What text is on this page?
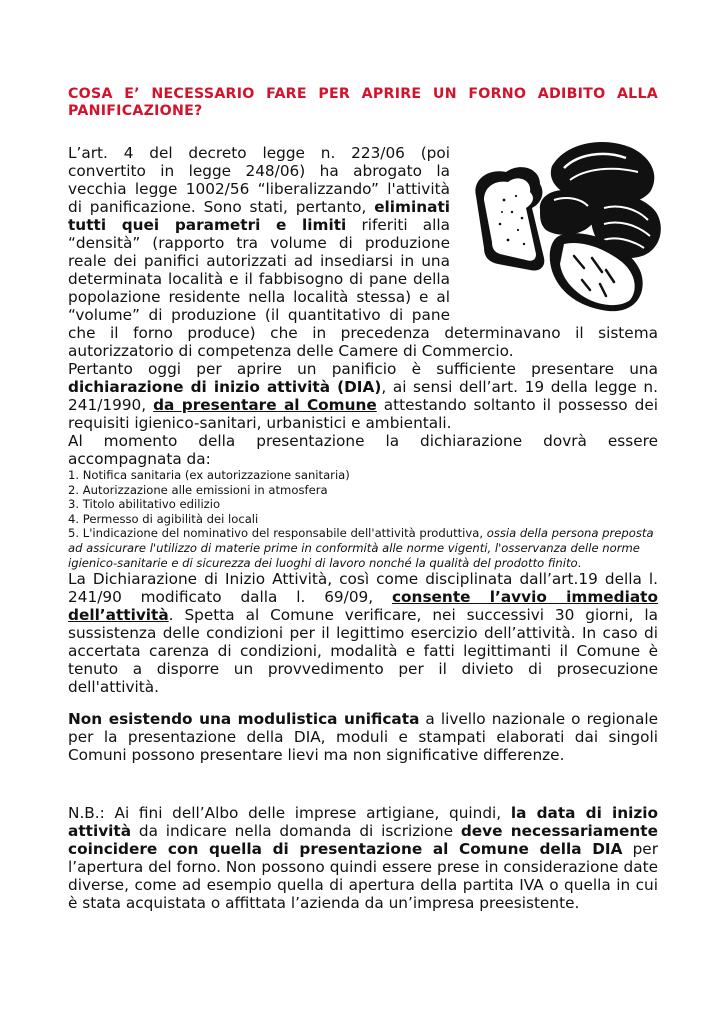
COSA E’ NECESSARIO FARE PER APRIRE UN FORNO ADIBITO ALLA PANIFICAZIONE?

L’art. 4 del decreto legge n. 223/06 (poi convertito in legge 248/06) ha abrogato la vecchia legge 1002/56 “liberalizzando” l'attività di panificazione. Sono stati, pertanto, eliminati tutti quei parametri e limiti riferiti alla “densità” (rapporto tra volume di produzione reale dei panifici autorizzati ad insediarsi in una determinata località e il fabbisogno di pane della popolazione residente nella località stessa) e al “volume” di produzione (il quantitativo di pane che il forno produce) che in precedenza determinavano il sistema autorizzatorio di competenza delle Camere di Commercio.

Pertanto oggi per aprire un panificio è sufficiente presentare una dichiarazione di inizio attività (DIA), ai sensi dell’art. 19 della legge n. 241/1990, da presentare al Comune attestando soltanto il possesso dei requisiti igienico-sanitari, urbanistici e ambientali.

Al momento della presentazione la dichiarazione dovrà essere accompagnata da:

1. Notifica sanitaria (ex autorizzazione sanitaria)

2. Autorizzazione alle emissioni in atmosfera

3. Titolo abilitativo edilizio

4. Permesso di agibilità dei locali

5. L'indicazione del nominativo del responsabile dell'attività produttiva, ossia della persona preposta ad assicurare l'utilizzo di materie prime in conformità alle norme vigenti, l'osservanza delle norme igienico-sanitarie e di sicurezza dei luoghi di lavoro nonché la qualità del prodotto finito.

La Dichiarazione di Inizio Attività, così come disciplinata dall’art.19 della l. 241/90 modificato dalla l. 69/09, consente l’avvio immediato dell’attività. Spetta al Comune verificare, nei successivi 30 giorni, la sussistenza delle condizioni per il legittimo esercizio dell’attività. In caso di accertata carenza di condizioni, modalità e fatti legittimanti il Comune è tenuto a disporre un provvedimento per il divieto di prosecuzione dell'attività.

Non esistendo una modulistica unificata a livello nazionale o regionale per la presentazione della DIA, moduli e stampati elaborati dai singoli Comuni possono presentare lievi ma non significative differenze.

N.B.: Ai fini dell’Albo delle imprese artigiane, quindi, la data di inizio attività da indicare nella domanda di iscrizione deve necessariamente coincidere con quella di presentazione al Comune della DIA per l’apertura del forno. Non possono quindi essere prese in considerazione date diverse, come ad esempio quella di apertura della partita IVA o quella in cui è stata acquistata o affittata l’azienda da un’impresa preesistente.
